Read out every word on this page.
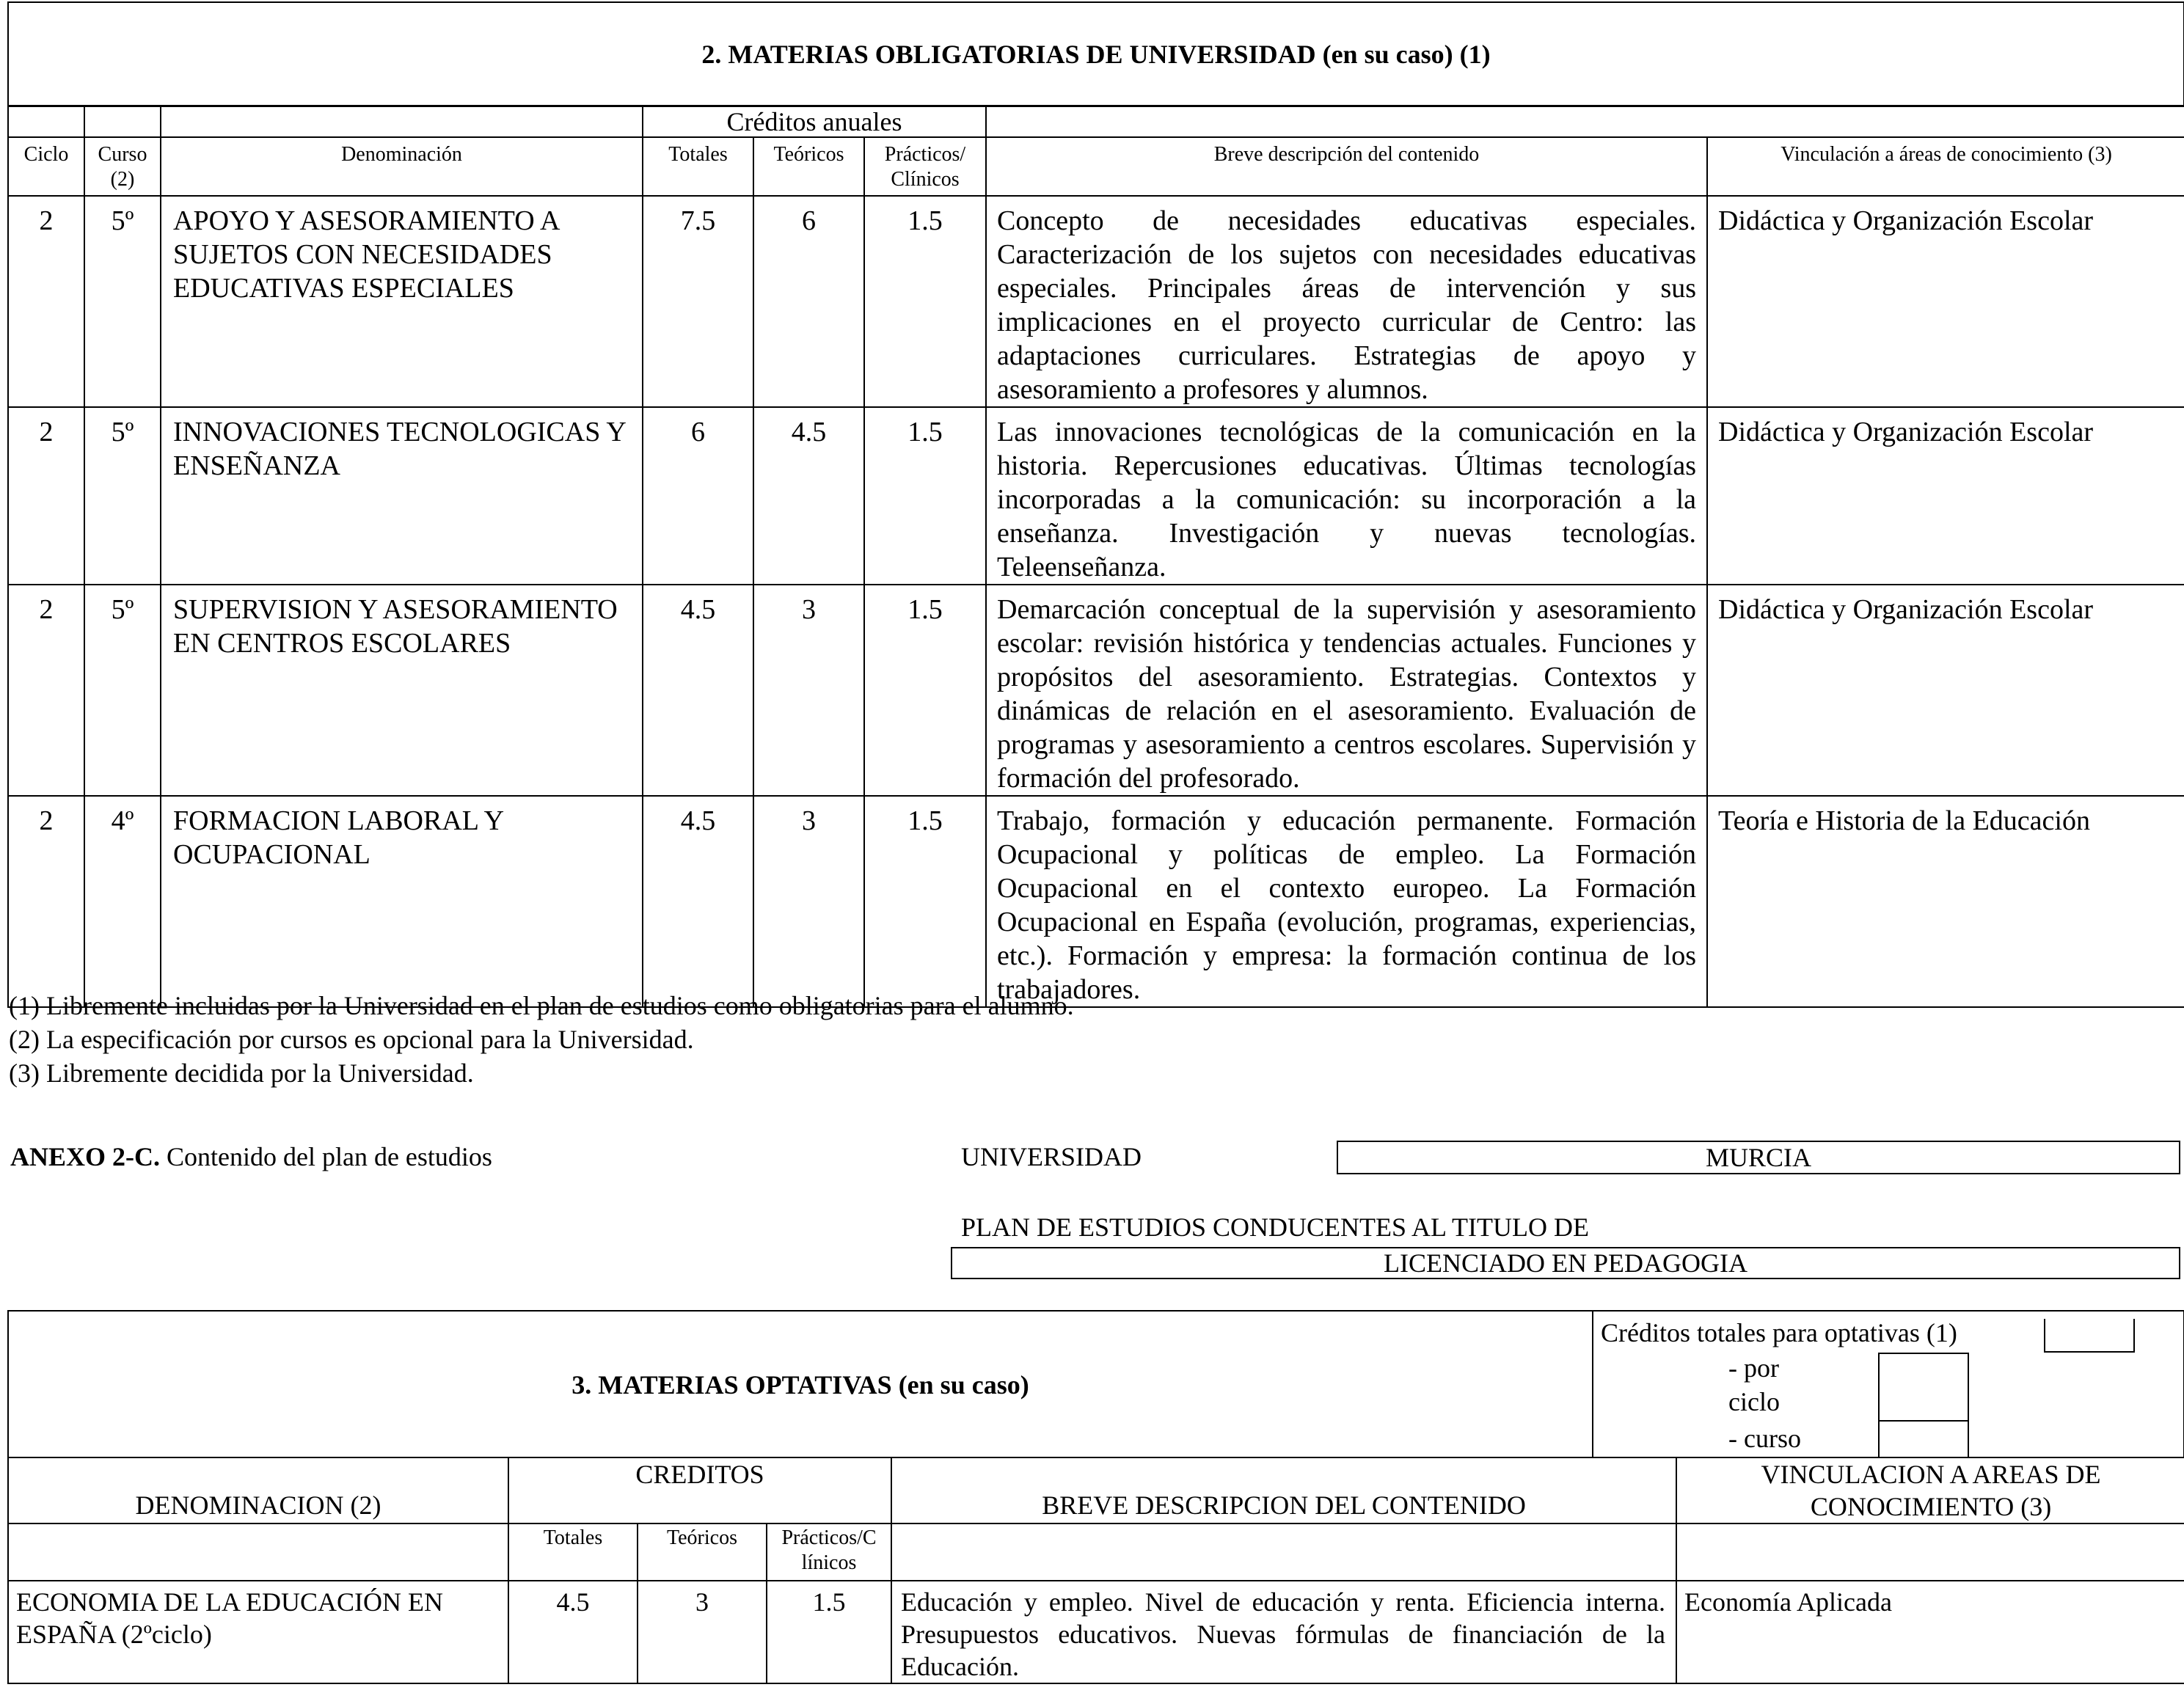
2. MATERIAS OBLIGATORIAS DE UNIVERSIDAD (en su caso) (1)
			Créditos anuales				
Ciclo	Curso (2)	Denominación	Totales	Teóricos	Prácticos/ Clínicos	Breve descripción del contenido	Vinculación a áreas de conocimiento (3)
2	5º	APOYO Y ASESORAMIENTO A SUJETOS CON NECESIDADES EDUCATIVAS ESPECIALES	7.5	6	1.5	Concepto de necesidades educativas especiales. Caracterización de los sujetos con necesidades educativas especiales. Principales áreas de intervención y sus implicaciones en el proyecto curricular de Centro: las adaptaciones curriculares. Estrategias de apoyo y asesoramiento a profesores y alumnos.	Didáctica y Organización Escolar
2	5º	INNOVACIONES TECNOLOGICAS Y ENSEÑANZA	6	4.5	1.5	Las innovaciones tecnológicas de la comunicación en la historia. Repercusiones educativas. Últimas tecnologías incorporadas a la comunicación: su incorporación a la enseñanza. Investigación y nuevas tecnologías. Teleenseñanza.	Didáctica y Organización Escolar
2	5º	SUPERVISION Y ASESORAMIENTO EN CENTROS ESCOLARES	4.5	3	1.5	Demarcación conceptual de la supervisión y asesoramiento escolar: revisión histórica y tendencias actuales. Funciones y propósitos del asesoramiento. Estrategias. Contextos y dinámicas de relación en el asesoramiento. Evaluación de programas y asesoramiento a centros escolares. Supervisión y formación del profesorado.	Didáctica y Organización Escolar
2	4º	FORMACION LABORAL Y OCUPACIONAL	4.5	3	1.5	Trabajo, formación y educación permanente. Formación Ocupacional y políticas de empleo. La Formación Ocupacional en el contexto europeo. La Formación Ocupacional en España (evolución, programas, experiencias, etc.). Formación y empresa: la formación continua de los trabajadores.	Teoría e Historia de la Educación
(1) Libremente incluidas por la Universidad en el plan de estudios como obligatorias para el alumno.
(2) La especificación por cursos es opcional para la Universidad.
(3) Libremente decidida por la Universidad.
ANEXO 2-C. Contenido del plan de estudios	UNIVERSIDAD	MURCIA
PLAN DE ESTUDIOS CONDUCENTES AL TITULO DE
LICENCIADO EN PEDAGOGIA
3. MATERIAS OPTATIVAS (en su caso)
Créditos totales para optativas (1)
- por
ciclo
- curso
DENOMINACION (2)	CREDITOS			BREVE DESCRIPCION DEL CONTENIDO	VINCULACION A AREAS DE CONOCIMIENTO (3)
	Totales	Teóricos	Prácticos/C línicos		
ECONOMIA DE LA EDUCACIÓN EN ESPAÑA (2ºciclo)	4.5	3	1.5	Educación y empleo. Nivel de educación y renta. Eficiencia interna. Presupuestos educativos. Nuevas fórmulas de financiación de la Educación.	Economía Aplicada
